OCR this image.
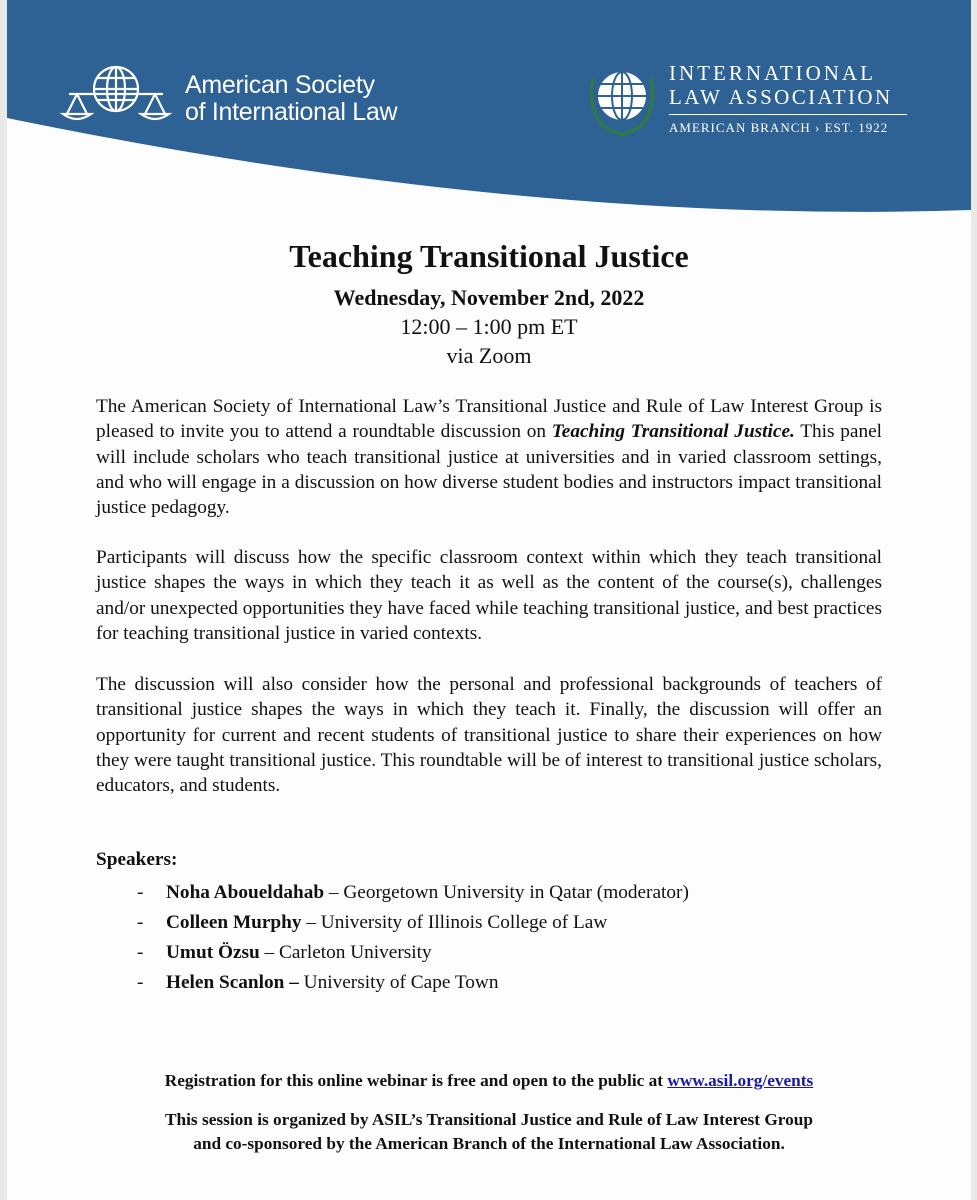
American Society
of International Law
INTERNATIONAL
LAW ASSOCIATION
AMERICAN BRANCH › EST. 1922
Teaching Transitional Justice
Wednesday, November 2nd, 2022
12:00 – 1:00 pm ET
via Zoom

The American Society of International Law’s Transitional Justice and Rule of Law Interest Group is pleased to invite you to attend a roundtable discussion on Teaching Transitional Justice. This panel will include scholars who teach transitional justice at universities and in varied classroom settings, and who will engage in a discussion on how diverse student bodies and instructors impact transitional justice pedagogy.

Participants will discuss how the specific classroom context within which they teach transitional justice shapes the ways in which they teach it as well as the content of the course(s), challenges and/or unexpected opportunities they have faced while teaching transitional justice, and best practices for teaching transitional justice in varied contexts.

The discussion will also consider how the personal and professional backgrounds of teachers of transitional justice shapes the ways in which they teach it. Finally, the discussion will offer an opportunity for current and recent students of transitional justice to share their experiences on how they were taught transitional justice. This roundtable will be of interest to transitional justice scholars, educators, and students.

Speakers:
- Noha Aboueldahab – Georgetown University in Qatar (moderator)
- Colleen Murphy – University of Illinois College of Law
- Umut Özsu – Carleton University
- Helen Scanlon – University of Cape Town
Registration for this online webinar is free and open to the public at www.asil.org/events
This session is organized by ASIL’s Transitional Justice and Rule of Law Interest Group
and co-sponsored by the American Branch of the International Law Association.
